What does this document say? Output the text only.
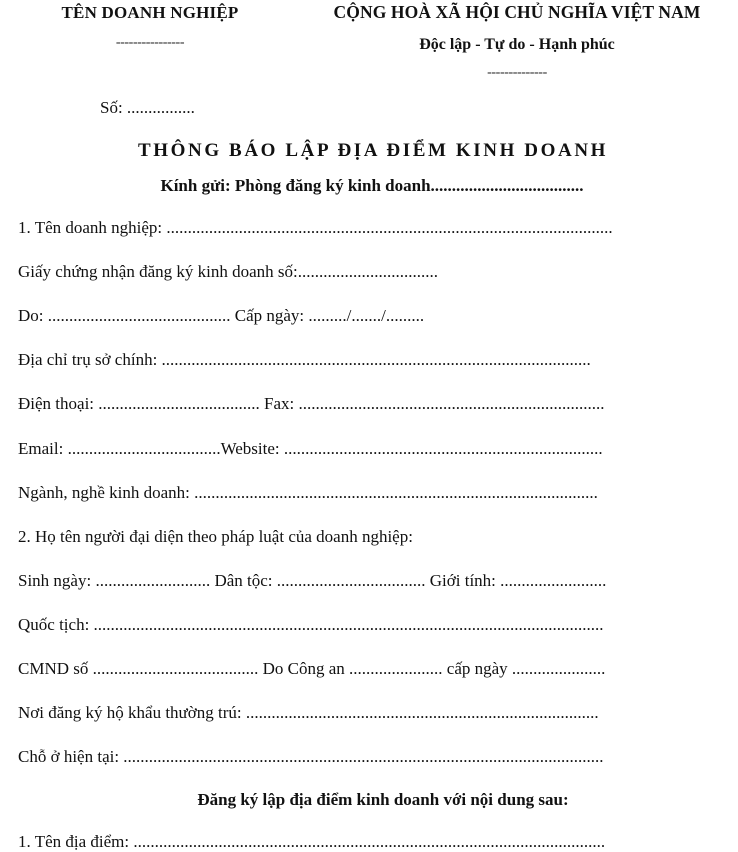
TÊN DOANH NGHIỆP
----------------
CỘNG HOÀ XÃ HỘI CHỦ NGHĨA VIỆT NAM
Độc lập - Tự do - Hạnh phúc
--------------
Số: ................
THÔNG BÁO LẬP ĐỊA ĐIỂM KINH DOANH
Kính gửi: Phòng đăng ký kinh doanh....................................
1. Tên doanh nghiệp: .........................................................................................................
Giấy chứng nhận đăng ký kinh doanh số:.................................
Do: ........................................... Cấp ngày: ........./......./.........
Địa chỉ trụ sở chính: .....................................................................................................
Điện thoại: ...................................... Fax: ........................................................................
Email: ....................................Website: ...........................................................................
Ngành, nghề kinh doanh: ...............................................................................................
2. Họ tên người đại diện theo pháp luật của doanh nghiệp:
Sinh ngày: ........................... Dân tộc: ................................... Giới tính: .........................
Quốc tịch: ........................................................................................................................
CMND số ....................................... Do Công an ...................... cấp ngày ......................
Nơi đăng ký hộ khẩu thường trú: ...................................................................................
Chỗ ở hiện tại: .................................................................................................................
Đăng ký lập địa điểm kinh doanh với nội dung sau:
1. Tên địa điểm: ...............................................................................................................
